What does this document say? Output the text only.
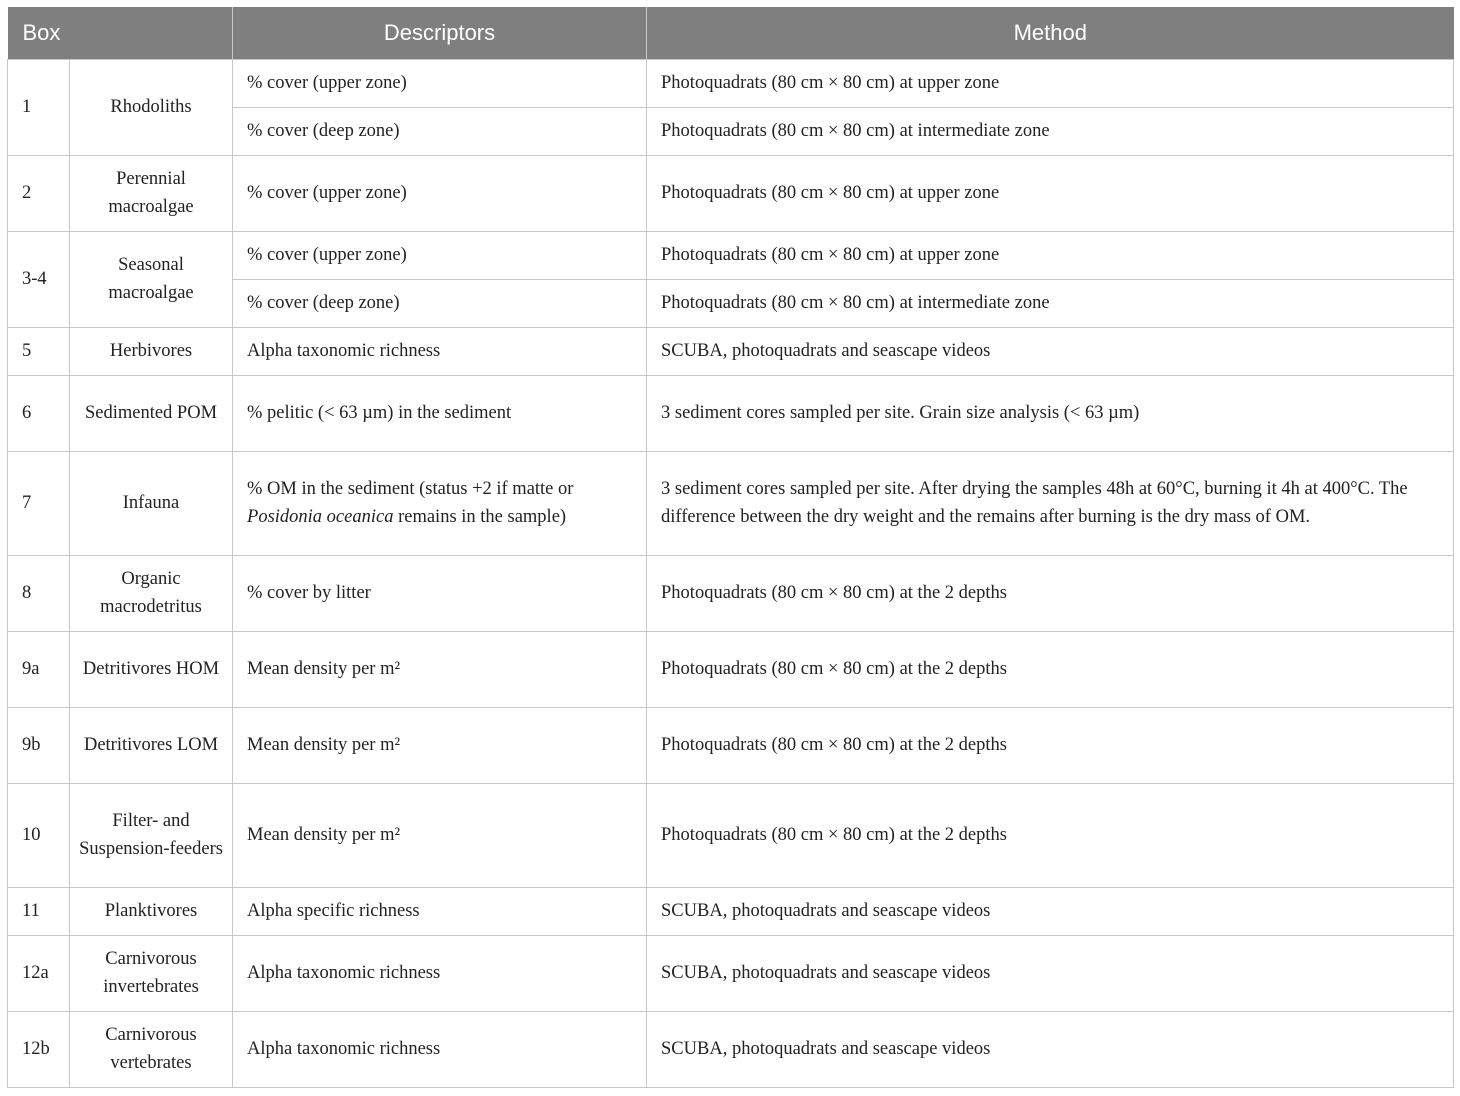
Box		Descriptors	Method
1	Rhodoliths	% cover (upper zone)	Photoquadrats (80 cm × 80 cm) at upper zone
		% cover (deep zone)	Photoquadrats (80 cm × 80 cm) at intermediate zone
2	Perennial macroalgae	% cover (upper zone)	Photoquadrats (80 cm × 80 cm) at upper zone
3-4	Seasonal macroalgae	% cover (upper zone)	Photoquadrats (80 cm × 80 cm) at upper zone
		% cover (deep zone)	Photoquadrats (80 cm × 80 cm) at intermediate zone
5	Herbivores	Alpha taxonomic richness	SCUBA, photoquadrats and seascape videos
6	Sedimented POM	% pelitic (< 63 µm) in the sediment	3 sediment cores sampled per site. Grain size analysis (< 63 µm)
7	Infauna	% OM in the sediment (status +2 if matte or Posidonia oceanica remains in the sample)	3 sediment cores sampled per site. After drying the samples 48h at 60°C, burning it 4h at 400°C. The difference between the dry weight and the remains after burning is the dry mass of OM.
8	Organic macrodetritus	% cover by litter	Photoquadrats (80 cm × 80 cm) at the 2 depths
9a	Detritivores HOM	Mean density per m²	Photoquadrats (80 cm × 80 cm) at the 2 depths
9b	Detritivores LOM	Mean density per m²	Photoquadrats (80 cm × 80 cm) at the 2 depths
10	Filter- and Suspension-feeders	Mean density per m²	Photoquadrats (80 cm × 80 cm) at the 2 depths
11	Planktivores	Alpha specific richness	SCUBA, photoquadrats and seascape videos
12a	Carnivorous invertebrates	Alpha taxonomic richness	SCUBA, photoquadrats and seascape videos
12b	Carnivorous vertebrates	Alpha taxonomic richness	SCUBA, photoquadrats and seascape videos
